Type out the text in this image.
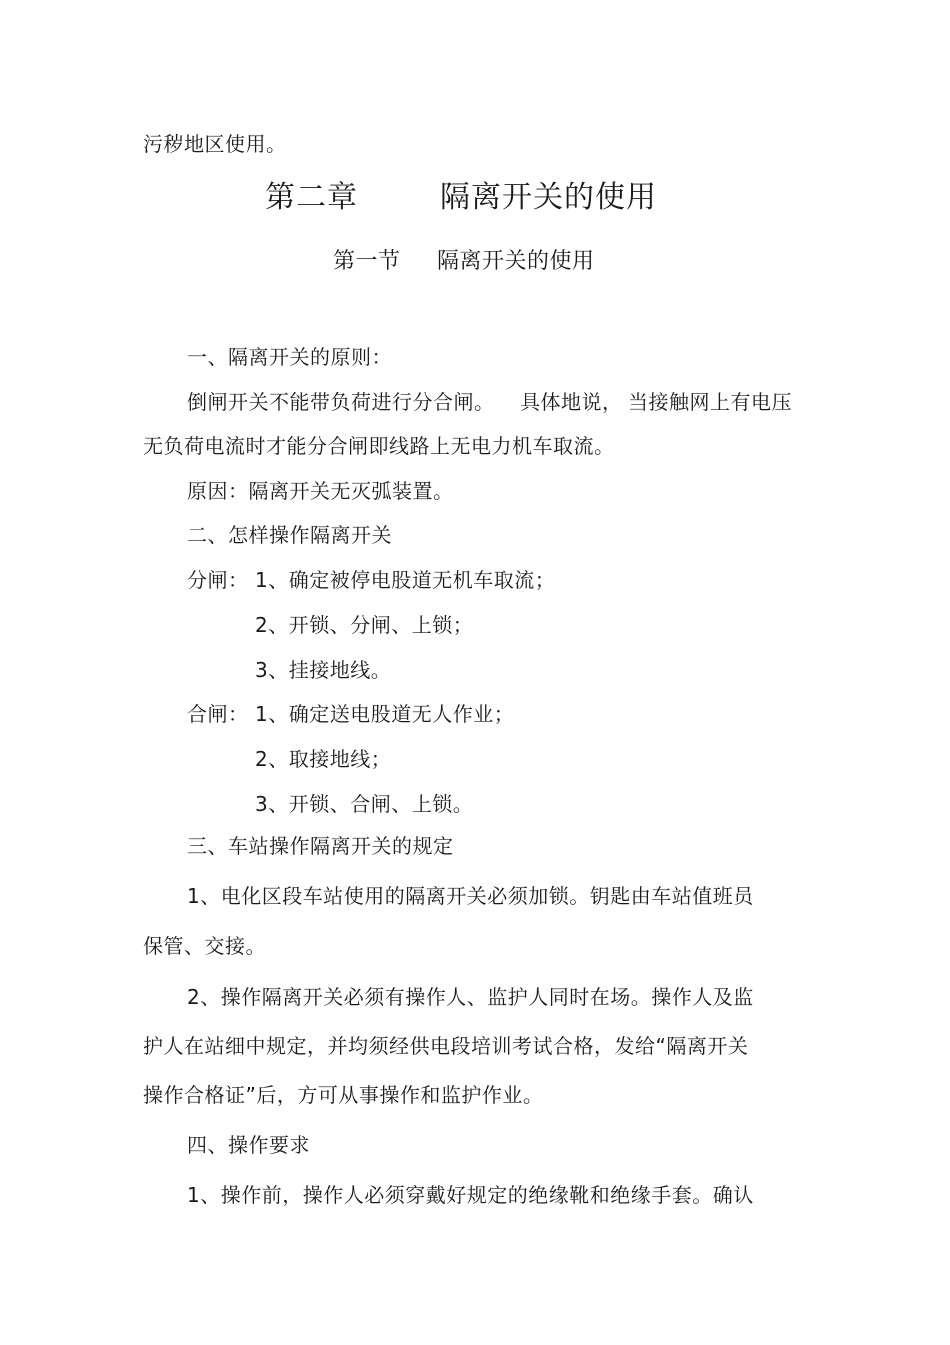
污秽地区使用。
第二章	隔离开关的使用
第一节 隔离开关的使用
一、隔离开关的原则：
倒闸开关不能带负荷进行分合闸。 具体地说， 当接触网上有电压
无负荷电流时才能分合闸即线路上无电力机车取流。
原因：隔离开关无灭弧装置。
二、怎样操作隔离开关
分闸： 1、确定被停电股道无机车取流；
2、开锁、分闸、上锁；
3、挂接地线。
合闸： 1、确定送电股道无人作业；
2、取接地线；
3、开锁、合闸、上锁。
三、车站操作隔离开关的规定
1、电化区段车站使用的隔离开关必须加锁。钥匙由车站值班员
保管、交接。
2、操作隔离开关必须有操作人、监护人同时在场。操作人及监
护人在站细中规定，并均须经供电段培训考试合格，发给“隔离开关
操作合格证”后，方可从事操作和监护作业。
四、操作要求
1、操作前，操作人必须穿戴好规定的绝缘靴和绝缘手套。确认
